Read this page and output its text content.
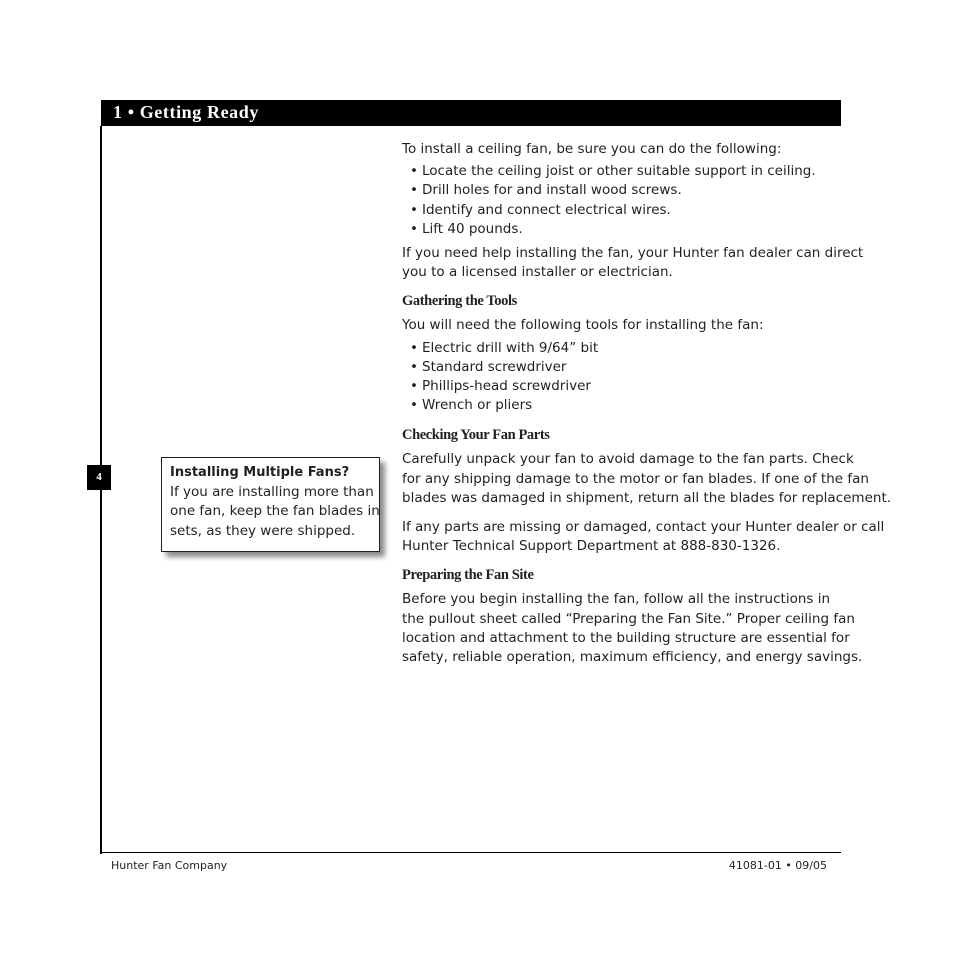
1 • Getting Ready
4	Installing Multiple Fans?
If you are installing more than
one fan, keep the fan blades in
sets, as they were shipped.

To install a ceiling fan, be sure you can do the following:

• Locate the ceiling joist or other suitable support in ceiling.
• Drill holes for and install wood screws.
• Identify and connect electrical wires.
• Lift 40 pounds.

If you need help installing the fan, your Hunter fan dealer can direct

you to a licensed installer or electrician.

Gathering the Tools

You will need the following tools for installing the fan:

• Electric drill with 9/64” bit
• Standard screwdriver
• Phillips-head screwdriver
• Wrench or pliers
Checking Your Fan Parts

Carefully unpack your fan to avoid damage to the fan parts. Check

for any shipping damage to the motor or fan blades. If one of the fan

blades was damaged in shipment, return all the blades for replacement.

If any parts are missing or damaged, contact your Hunter dealer or call

Hunter Technical Support Department at 888-830-1326.

Preparing the Fan Site

Before you begin installing the fan, follow all the instructions in

the pullout sheet called “Preparing the Fan Site.” Proper ceiling fan

location and attachment to the building structure are essential for

safety, reliable operation, maximum efﬁciency, and energy savings.

Hunter Fan Company	41081-01 • 09/05
